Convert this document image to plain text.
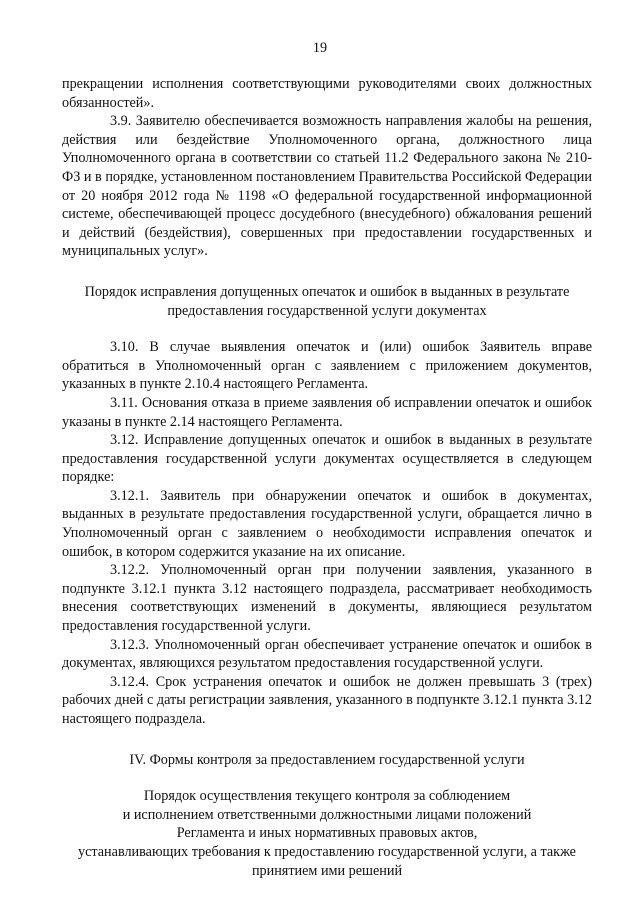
19

прекращении исполнения соответствующими руководителями своих должностных обязанностей».

3.9. Заявителю обеспечивается возможность направления жалобы на решения, действия или бездействие Уполномоченного органа, должностного лица Уполномоченного органа в соответствии со статьей 11.2 Федерального закона № 210-ФЗ и в порядке, установленном постановлением Правительства Российской Федерации от 20 ноября 2012 года № 1198 «О федеральной государственной информационной системе, обеспечивающей процесс досудебного (внесудебного) обжалования решений и действий (бездействия), совершенных при предоставлении государственных и муниципальных услуг».

Порядок исправления допущенных опечаток и ошибок в выданных в результате предоставления государственной услуги документах

3.10. В случае выявления опечаток и (или) ошибок Заявитель вправе обратиться в Уполномоченный орган с заявлением с приложением документов, указанных в пункте 2.10.4 настоящего Регламента.

3.11. Основания отказа в приеме заявления об исправлении опечаток и ошибок указаны в пункте 2.14 настоящего Регламента.

3.12. Исправление допущенных опечаток и ошибок в выданных в результате предоставления государственной услуги документах осуществляется в следующем порядке:

3.12.1. Заявитель при обнаружении опечаток и ошибок в документах, выданных в результате предоставления государственной услуги, обращается лично в Уполномоченный орган с заявлением о необходимости исправления опечаток и ошибок, в котором содержится указание на их описание.

3.12.2. Уполномоченный орган при получении заявления, указанного в подпункте 3.12.1 пункта 3.12 настоящего подраздела, рассматривает необходимость внесения соответствующих изменений в документы, являющиеся результатом предоставления государственной услуги.

3.12.3. Уполномоченный орган обеспечивает устранение опечаток и ошибок в документах, являющихся результатом предоставления государственной услуги.

3.12.4. Срок устранения опечаток и ошибок не должен превышать 3 (трех) рабочих дней с даты регистрации заявления, указанного в подпункте 3.12.1 пункта 3.12 настоящего подраздела.

IV. Формы контроля за предоставлением государственной услуги

Порядок осуществления текущего контроля за соблюдением
и исполнением ответственными должностными лицами положений
Регламента и иных нормативных правовых актов,
устанавливающих требования к предоставлению государственной услуги, а также
принятием ими решений
